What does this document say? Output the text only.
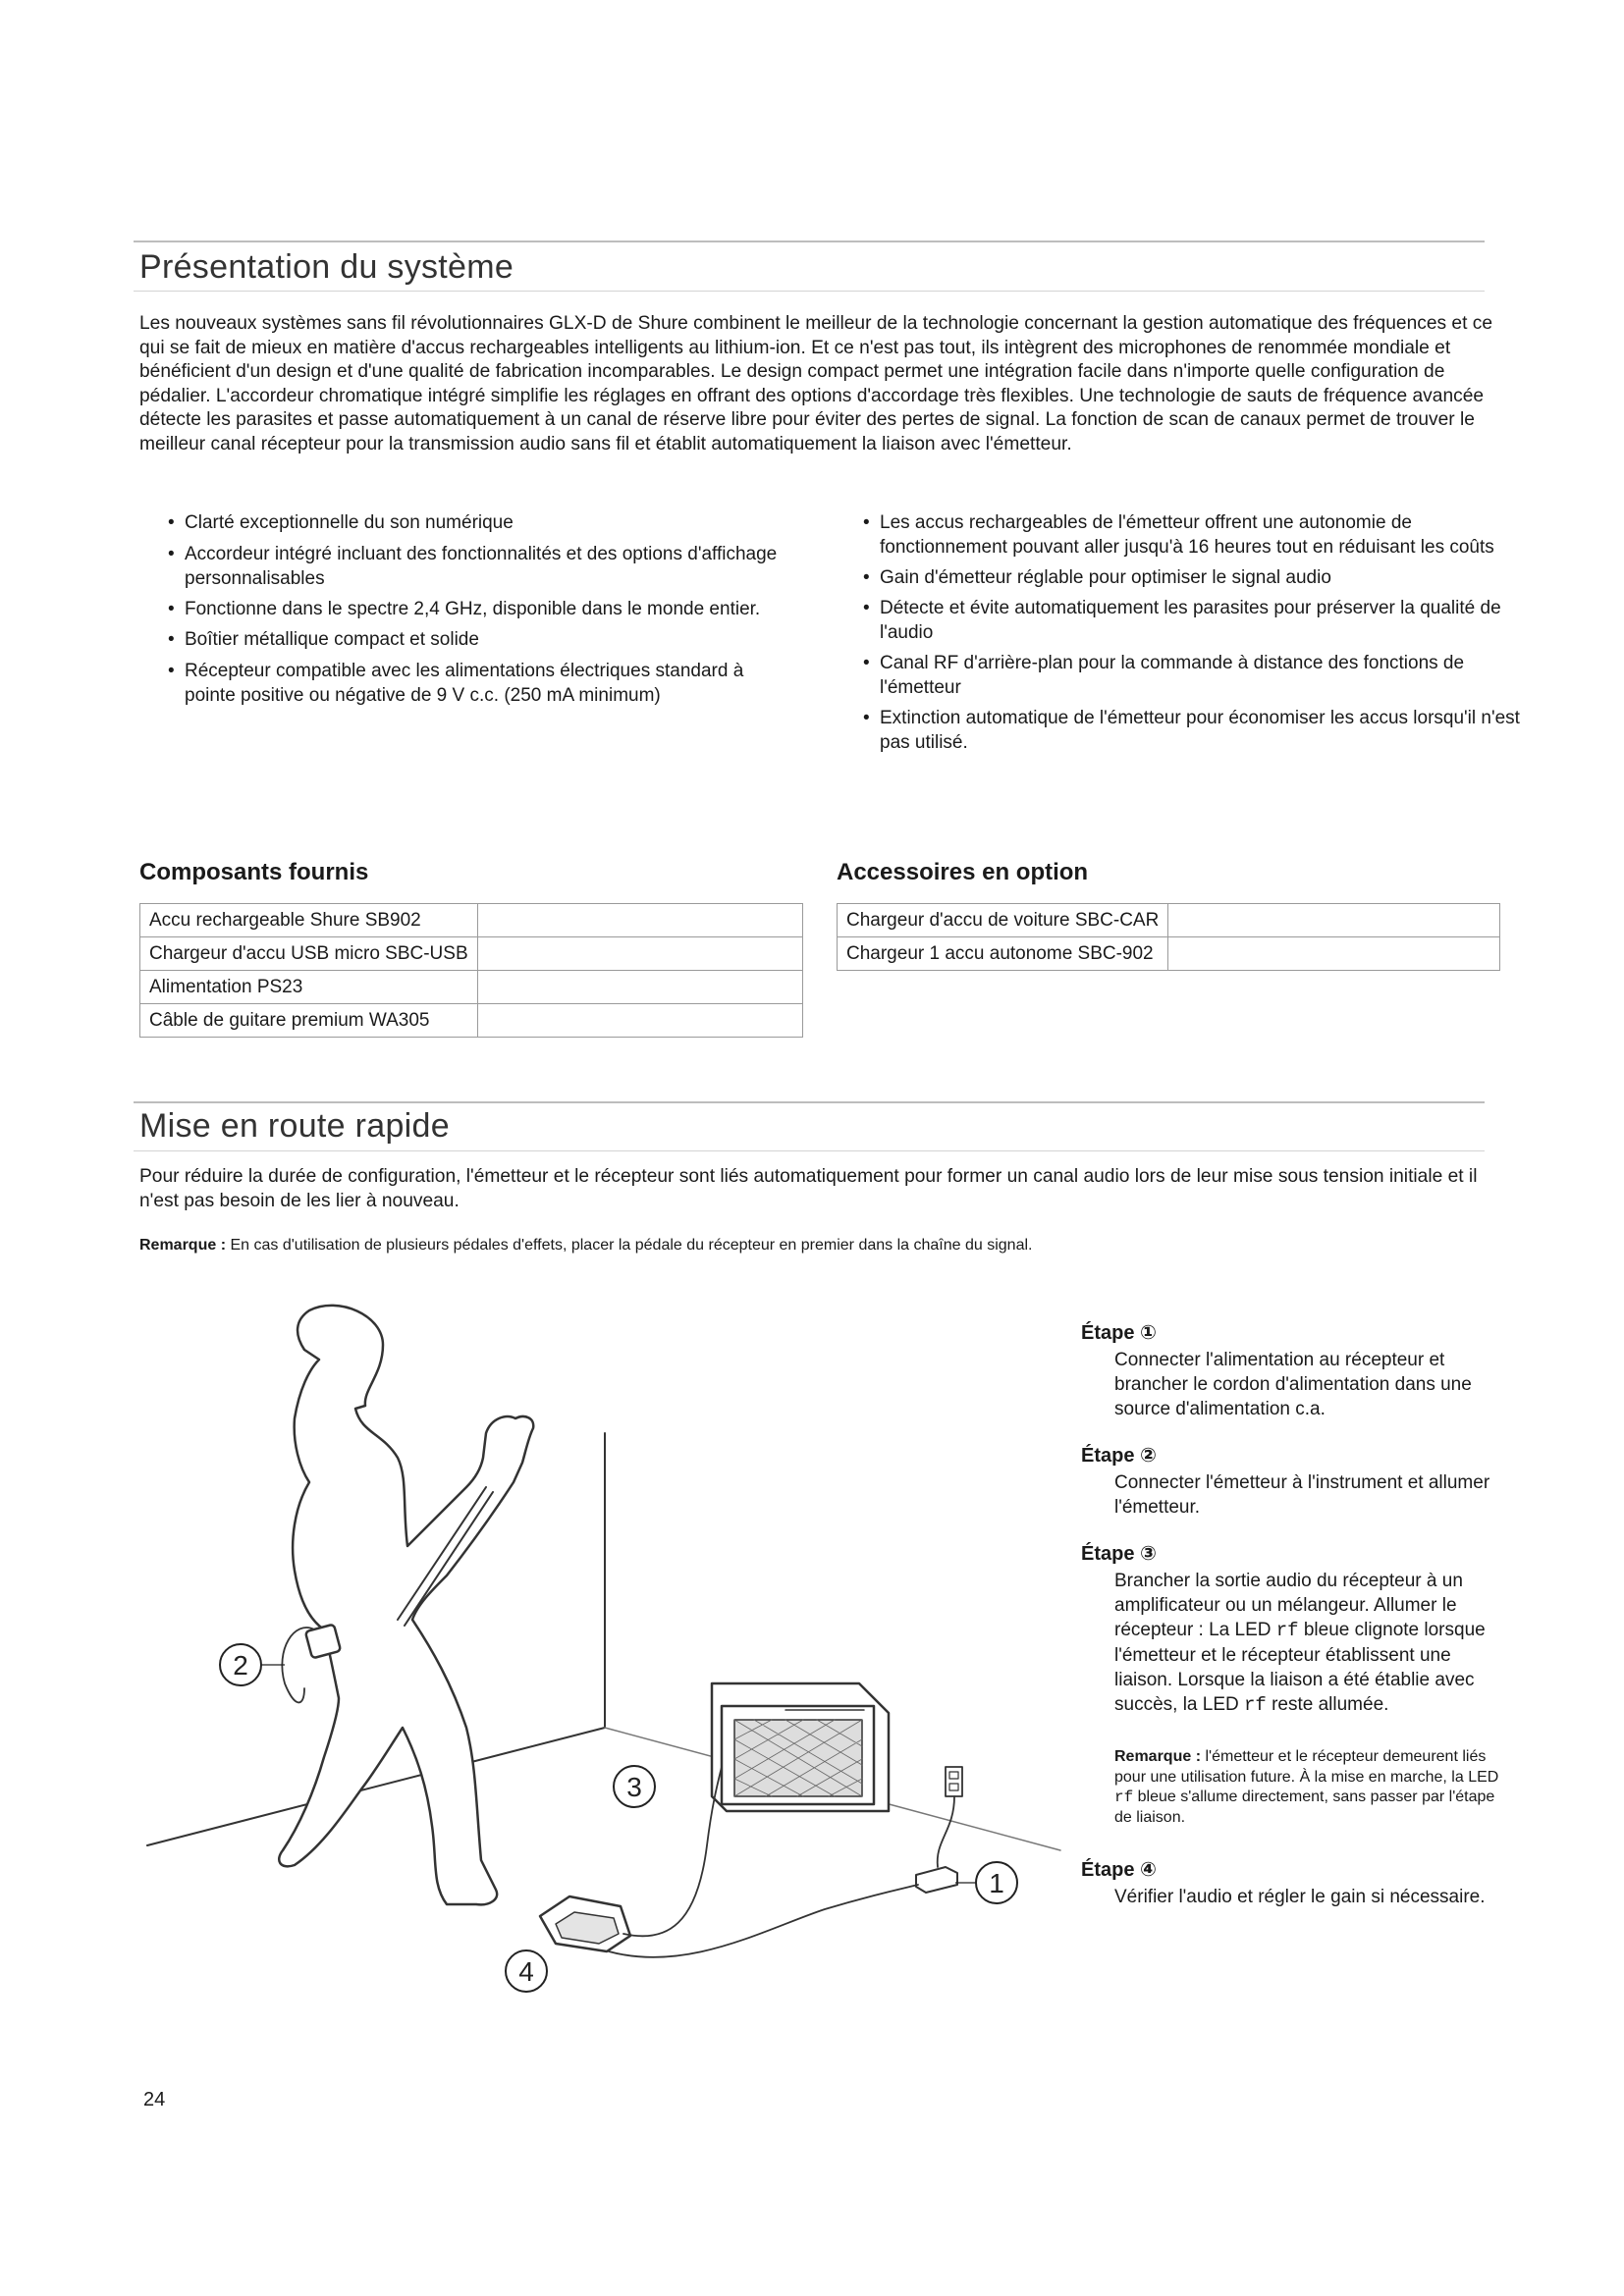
Présentation du système

Les nouveaux systèmes sans fil révolutionnaires GLX-D de Shure combinent le meilleur de la technologie concernant la gestion automatique des fréquences et ce qui se fait de mieux en matière d'accus rechargeables intelligents au lithium-ion. Et ce n'est pas tout, ils intègrent des microphones de renommée mondiale et bénéficient d'un design et d'une qualité de fabrication incomparables. Le design compact permet une intégration facile dans n'importe quelle configuration de pédalier. L'accordeur chromatique intégré simplifie les réglages en offrant des options d'accordage très flexibles. Une technologie de sauts de fréquence avancée détecte les parasites et passe automatiquement à un canal de réserve libre pour éviter des pertes de signal. La fonction de scan de canaux permet de trouver le meilleur canal récepteur pour la transmission audio sans fil et établit automatiquement la liaison avec l'émetteur.

• Clarté exceptionnelle du son numérique
• Accordeur intégré incluant des fonctionnalités et des options d'affichage personnalisables
• Fonctionne dans le spectre 2,4 GHz, disponible dans le monde entier.
• Boîtier métallique compact et solide
• Récepteur compatible avec les alimentations électriques standard à pointe positive ou négative de 9 V c.c. (250 mA minimum)
• Les accus rechargeables de l'émetteur offrent une autonomie de fonctionnement pouvant aller jusqu'à 16 heures tout en réduisant les coûts
• Gain d'émetteur réglable pour optimiser le signal audio
• Détecte et évite automatiquement les parasites pour préserver la qualité de l'audio
• Canal RF d'arrière-plan pour la commande à distance des fonctions de l'émetteur
• Extinction automatique de l'émetteur pour économiser les accus lorsqu'il n'est pas utilisé.
Composants fournis
Accu rechargeable Shure SB902	
Chargeur d'accu USB micro SBC-USB	
Alimentation PS23	
Câble de guitare premium WA305	
Accessoires en option
Chargeur d'accu de voiture SBC-CAR	
Chargeur 1 accu autonome SBC-902	
Mise en route rapide

Pour réduire la durée de configuration, l'émetteur et le récepteur sont liés automatiquement pour former un canal audio lors de leur mise sous tension initiale et il n'est pas besoin de les lier à nouveau.

Remarque : En cas d'utilisation de plusieurs pédales d'effets, placer la pédale du récepteur en premier dans la chaîne du signal.

1
2
3
4
Étape ①

Connecter l'alimentation au récepteur et brancher le cordon d'alimentation dans une source d'alimentation c.a.

Étape ②

Connecter l'émetteur à l'instrument et allumer l'émetteur.

Étape ③

Brancher la sortie audio du récepteur à un amplificateur ou un mélangeur. Allumer le récepteur : La LED rf bleue clignote lorsque l'émetteur et le récepteur établissent une liaison. Lorsque la liaison a été établie avec succès, la LED rf reste allumée.

Remarque : l'émetteur et le récepteur demeurent liés pour une utilisation future. À la mise en marche, la LED rf bleue s'allume directement, sans passer par l'étape de liaison.

Étape ④

Vérifier l'audio et régler le gain si nécessaire.

24
